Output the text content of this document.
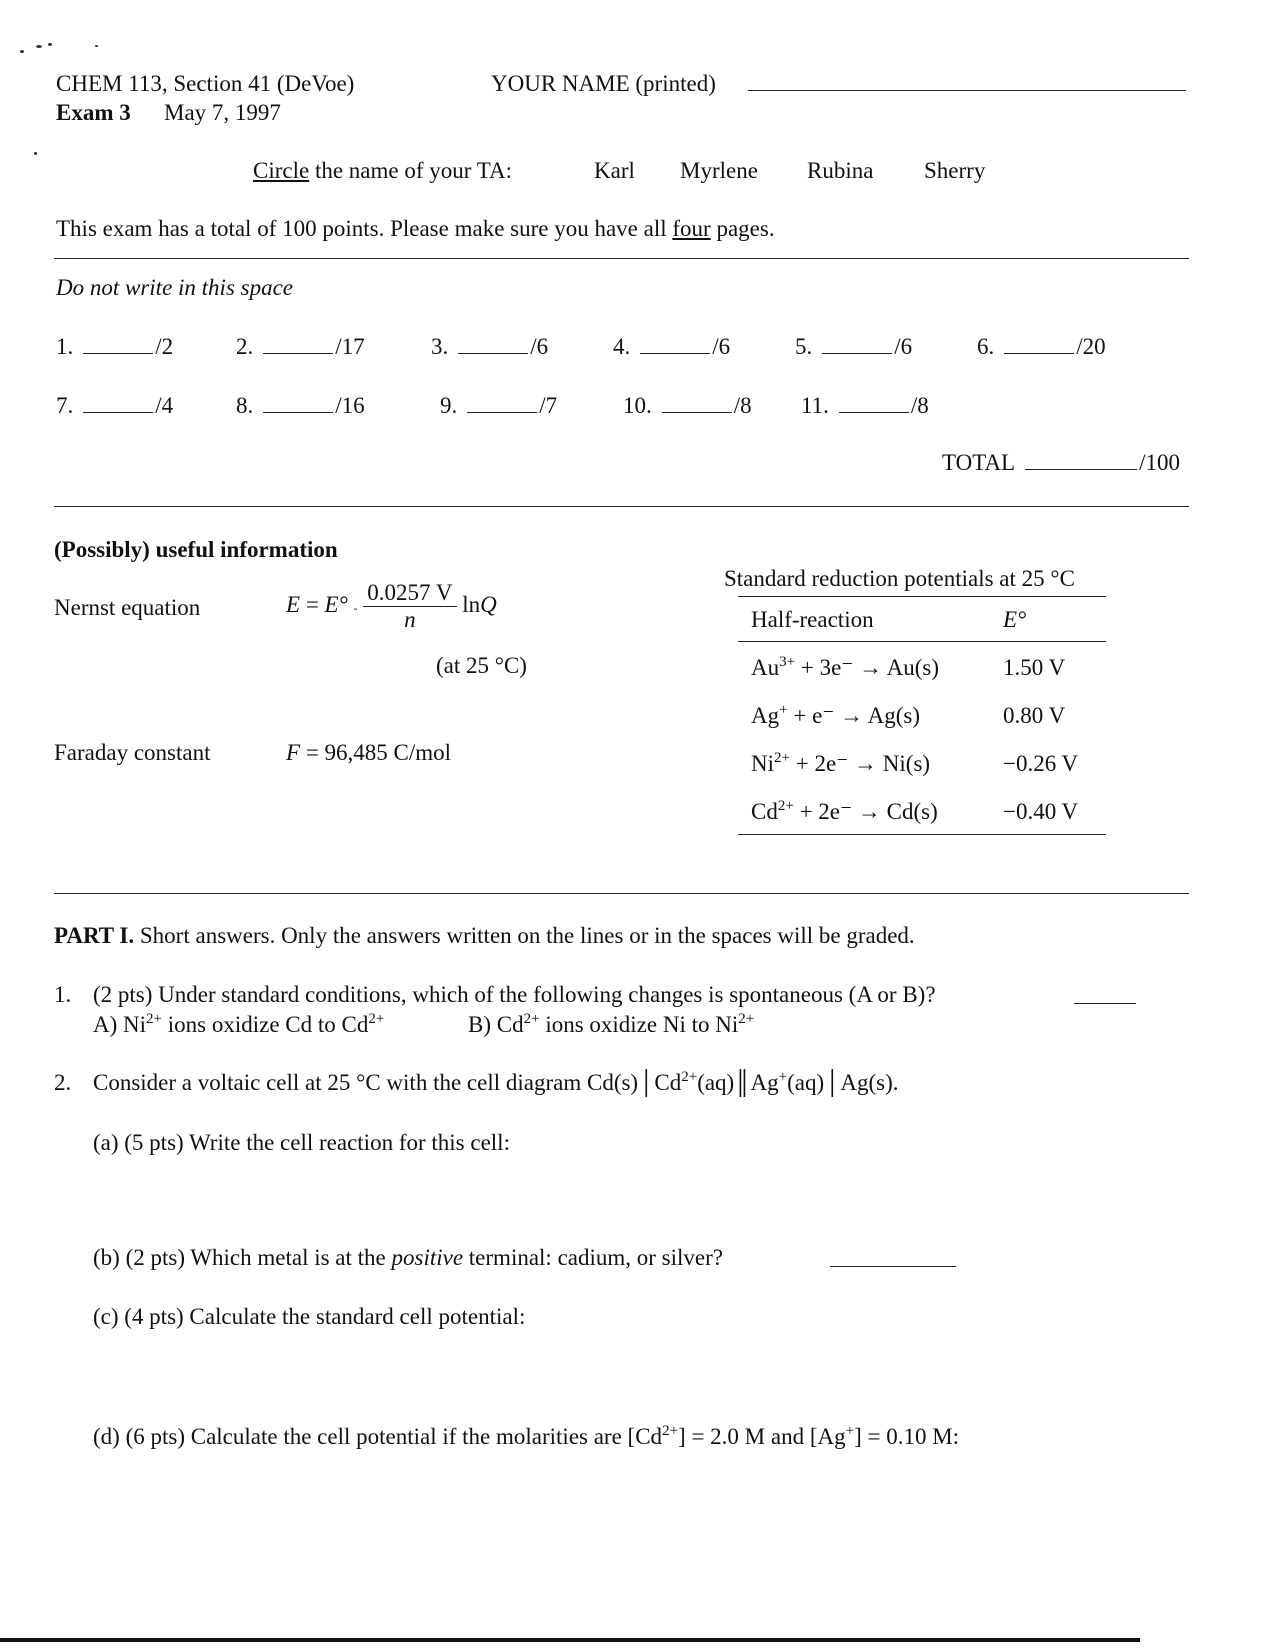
CHEM 113, Section 41 (DeVoe)
Exam 3 May 7, 1997
YOUR NAME (printed)
Circle the name of your TA:	Karl Myrlene Rubina Sherry
This exam has a total of 100 points. Please make sure you have all four pages.
Do not write in this space
1.	/2	2.	/17	3.	/6	4.	/6	5.	/6	6.	/20
7.	/4	8.	/16	9.	/7	10.	/8 11.	/8
TOTAL	/100
(Possibly) useful information
Nernst equation	$E = E^\circ - \frac{0.0257 V}{n}$ lnQ
(at 25 °C)
Faraday constant	F = 96,485 C/mol
Standard reduction potentials at 25 °C
Half-reaction	E°
$Au^{3+} + 3e^- \to Au(s)$	1.50 V
Ag+ + e⁻ → Ag(s)	0.80 V
$Ni^{2+} + 2e^- \to Ni(s)$	−0.26 V
$Cd^{2+} + 2e^- \to Cd(s)$	−0.40 V
PART I. Short answers. Only the answers written on the lines or in the spaces will be graded.
1. (2 pts) Under standard conditions, which of the following changes is spontaneous (A or B)?
A) $Ni^{2+}$ ions oxidize Cd to $Cd^{2+}$	B) $Cd^{2+}$ ions oxidize Ni to $Ni^{2+}$
2. Consider a voltaic cell at 25 °C with the cell diagram $Cd(s)│Cd^{2+}(aq)║Ag^+(aq)│Ag(s)$.
(a) (5 pts) Write the cell reaction for this cell:
(b) (2 pts) Which metal is at the positive terminal: cadium, or silver?
(c) (4 pts) Calculate the standard cell potential:
(d) (6 pts) Calculate the cell potential if the molarities are $[Cd^{2+}] = 2.0$ M and [Ag+] = 0.10 M:
